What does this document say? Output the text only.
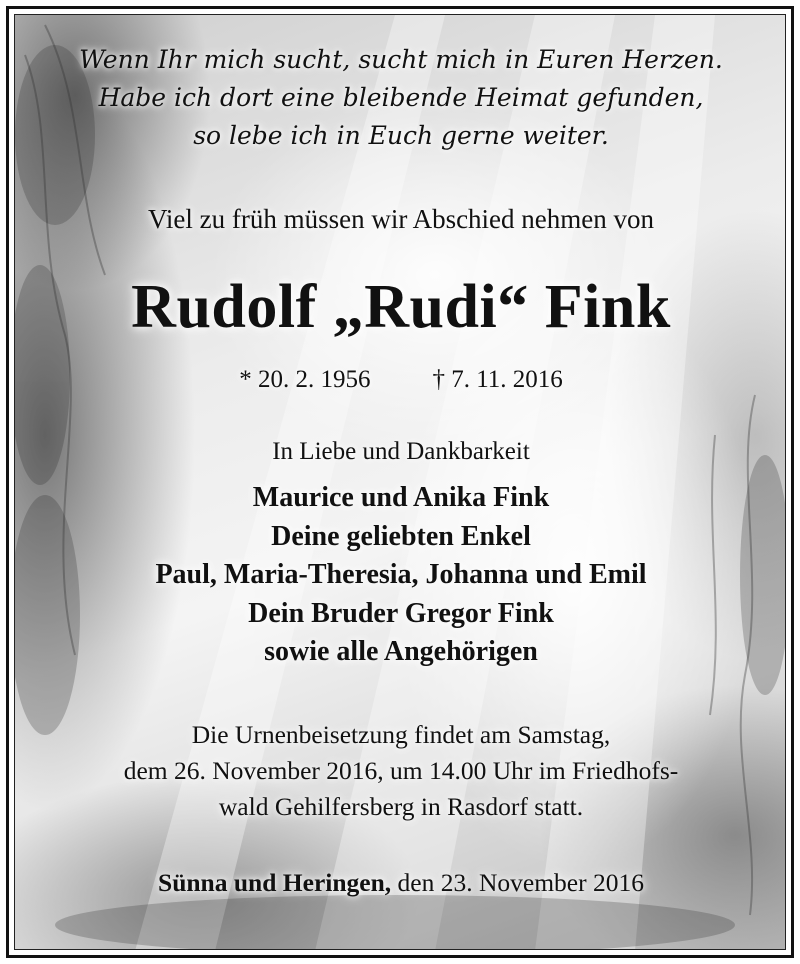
Wenn Ihr mich sucht, sucht mich in Euren Herzen.
Habe ich dort eine bleibende Heimat gefunden,
so lebe ich in Euch gerne weiter.
Viel zu früh müssen wir Abschied nehmen von
Rudolf „Rudi“ Fink
* 20. 2. 1956 † 7. 11. 2016
In Liebe und Dankbarkeit
Maurice und Anika Fink
Deine geliebten Enkel
Paul, Maria-Theresia, Johanna und Emil
Dein Bruder Gregor Fink
sowie alle Angehörigen
Die Urnenbeisetzung findet am Samstag,
dem 26. November 2016, um 14.00 Uhr im Friedhofs-
wald Gehilfersberg in Rasdorf statt.
Sünna und Heringen, den 23. November 2016
